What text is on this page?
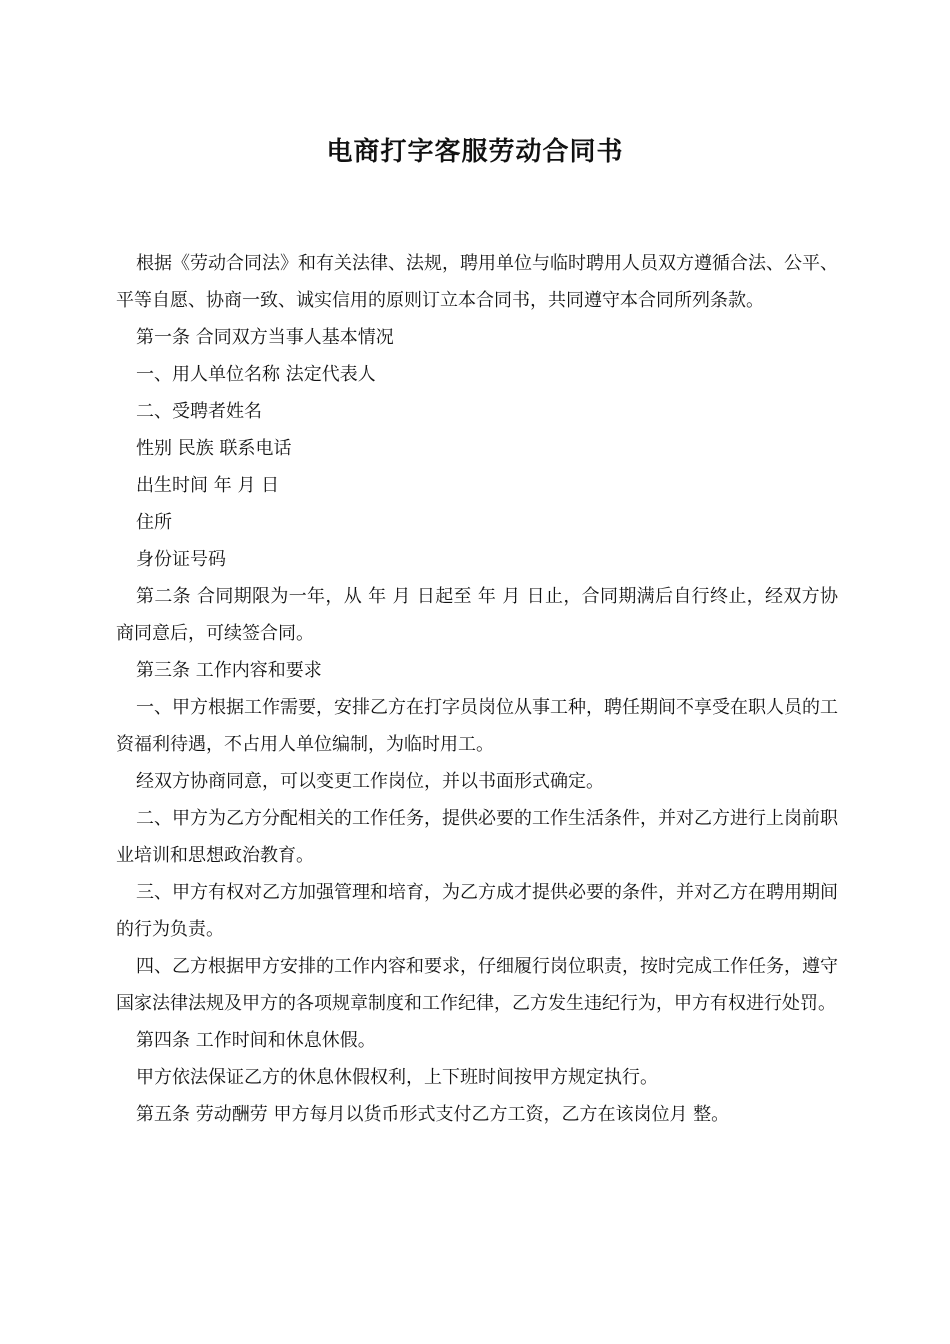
电商打字客服劳动合同书

根据《劳动合同法》和有关法律、法规，聘用单位与临时聘用人员双方遵循合法、公平、平等自愿、协商一致、诚实信用的原则订立本合同书，共同遵守本合同所列条款。

第一条 合同双方当事人基本情况

一、用人单位名称 法定代表人

二、受聘者姓名

性别 民族 联系电话

出生时间 年 月 日

住所

身份证号码

第二条 合同期限为一年，从 年 月 日起至 年 月 日止，合同期满后自行终止，经双方协商同意后，可续签合同。

第三条 工作内容和要求

一、甲方根据工作需要，安排乙方在打字员岗位从事工种，聘任期间不享受在职人员的工资福利待遇，不占用人单位编制，为临时用工。

经双方协商同意，可以变更工作岗位，并以书面形式确定。

二、甲方为乙方分配相关的工作任务，提供必要的工作生活条件，并对乙方进行上岗前职业培训和思想政治教育。

三、甲方有权对乙方加强管理和培育，为乙方成才提供必要的条件，并对乙方在聘用期间的行为负责。

四、乙方根据甲方安排的工作内容和要求，仔细履行岗位职责，按时完成工作任务，遵守国家法律法规及甲方的各项规章制度和工作纪律，乙方发生违纪行为，甲方有权进行处罚。

第四条 工作时间和休息休假。

甲方依法保证乙方的休息休假权利，上下班时间按甲方规定执行。

第五条 劳动酬劳 甲方每月以货币形式支付乙方工资，乙方在该岗位月 整。
